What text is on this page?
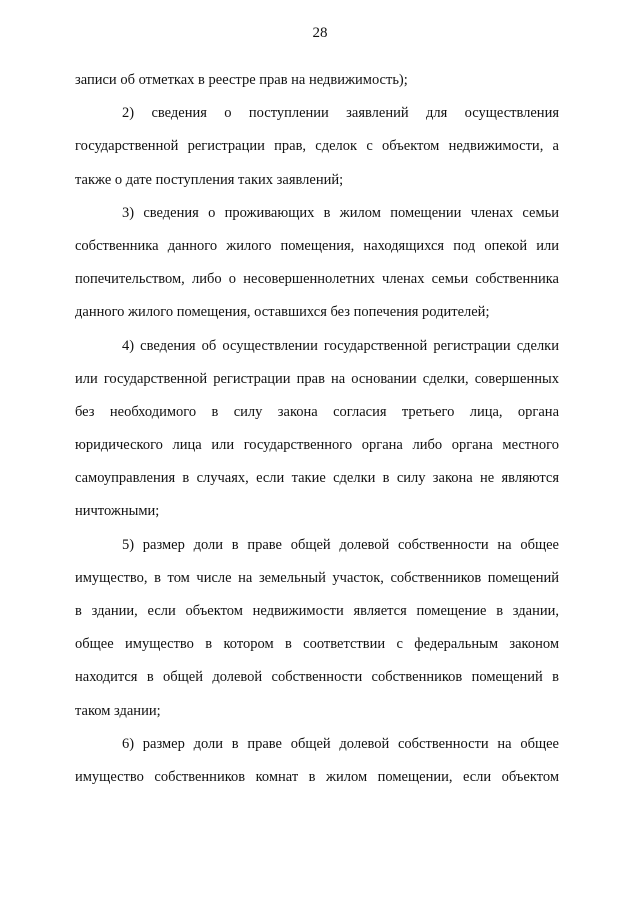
28
записи об отметках в реестре прав на недвижимость);
2) сведения о поступлении заявлений для осуществления
государственной регистрации прав, сделок с объектом недвижимости, а
также о дате поступления таких заявлений;
3) сведения о проживающих в жилом помещении членах семьи
собственника данного жилого помещения, находящихся под опекой или
попечительством, либо о несовершеннолетних членах семьи собственника
данного жилого помещения, оставшихся без попечения родителей;
4) сведения об осуществлении государственной регистрации сделки
или государственной регистрации прав на основании сделки, совершенных
без необходимого в силу закона согласия третьего лица, органа
юридического лица или государственного органа либо органа местного
самоуправления в случаях, если такие сделки в силу закона не являются
ничтожными;
5) размер доли в праве общей долевой собственности на общее
имущество, в том числе на земельный участок, собственников помещений
в здании, если объектом недвижимости является помещение в здании,
общее имущество в котором в соответствии с федеральным законом
находится в общей долевой собственности собственников помещений в
таком здании;
6) размер доли в праве общей долевой собственности на общее
имущество собственников комнат в жилом помещении, если объектом
